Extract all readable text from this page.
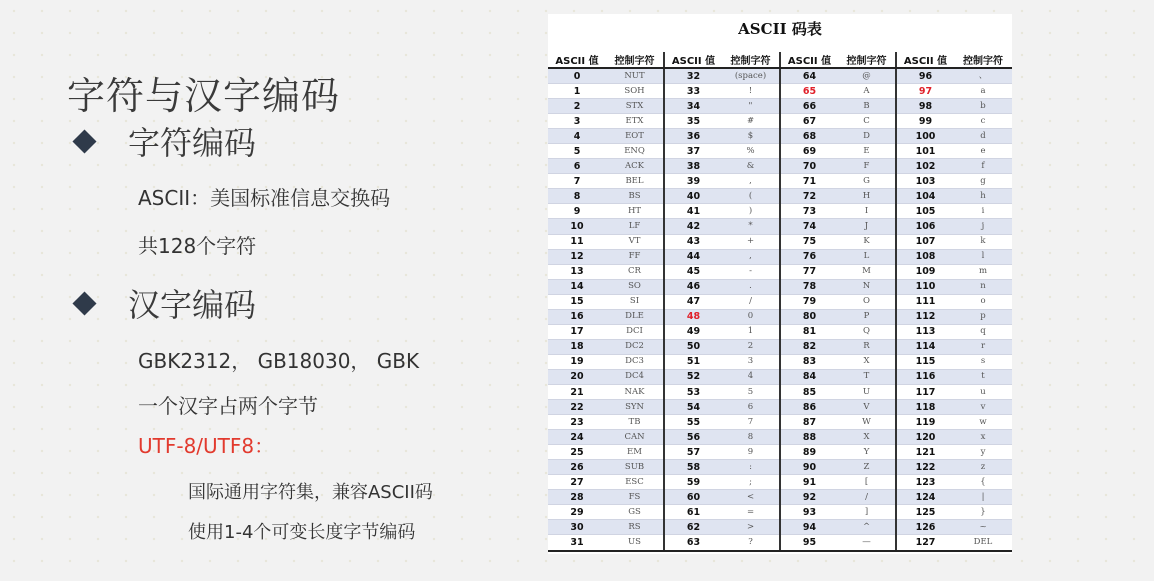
字符与汉字编码
字符编码
ASCII：美国标准信息交换码
共128个字符
汉字编码
GBK2312， GB18030， GBK
一个汉字占两个字节
UTF-8/UTF8：
国际通用字符集，兼容ASCII码
使用1-4个可变长度字节编码
ASCII 码表
ASCII 值	控制字符	ASCII 值	控制字符	ASCII 值	控制字符	ASCII 值	控制字符
0	NUT	32	(space)	64	@	96	、
1	SOH	33	!	65	A	97	a
2	STX	34	"	66	B	98	b
3	ETX	35	#	67	C	99	c
4	EOT	36	$	68	D	100	d
5	ENQ	37	%	69	E	101	e
6	ACK	38	&	70	F	102	f
7	BEL	39	,	71	G	103	g
8	BS	40	(	72	H	104	h
9	HT	41	)	73	I	105	i
10	LF	42	*	74	J	106	j
11	VT	43	+	75	K	107	k
12	FF	44	,	76	L	108	l
13	CR	45	-	77	M	109	m
14	SO	46	.	78	N	110	n
15	SI	47	/	79	O	111	o
16	DLE	48	0	80	P	112	p
17	DCI	49	1	81	Q	113	q
18	DC2	50	2	82	R	114	r
19	DC3	51	3	83	X	115	s
20	DC4	52	4	84	T	116	t
21	NAK	53	5	85	U	117	u
22	SYN	54	6	86	V	118	v
23	TB	55	7	87	W	119	w
24	CAN	56	8	88	X	120	x
25	EM	57	9	89	Y	121	y
26	SUB	58	:	90	Z	122	z
27	ESC	59	;	91	[	123	{
28	FS	60	<	92	/	124	|
29	GS	61	=	93	]	125	}
30	RS	62	>	94	^	126	~
31	US	63	?	95	—	127	DEL
